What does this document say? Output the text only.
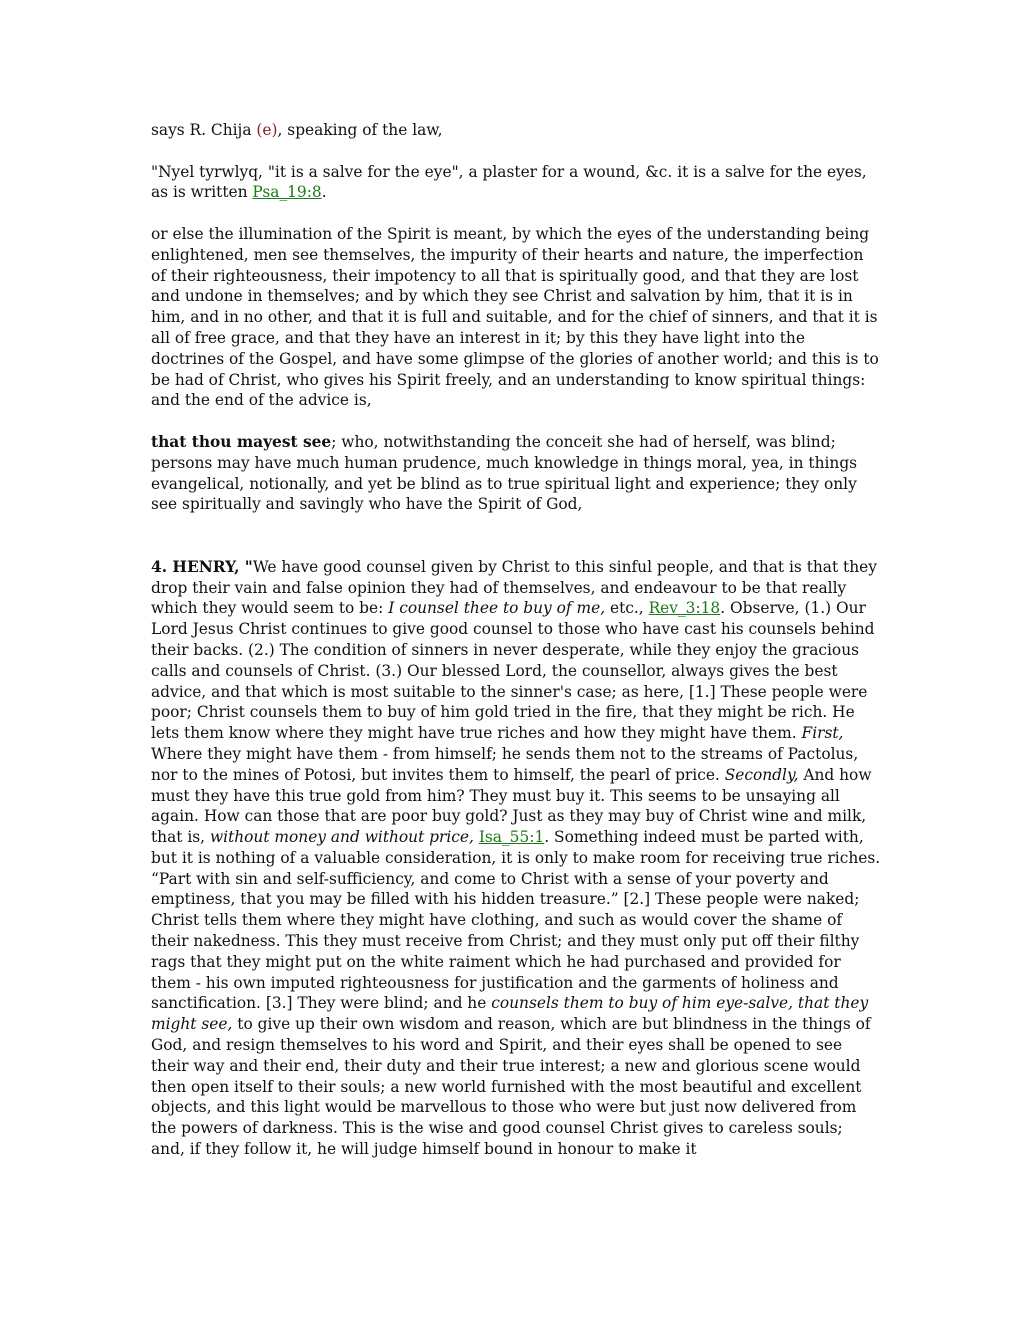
says R. Chija (e), speaking of the law,

"Nyel tyrwlyq, "it is a salve for the eye", a plaster for a wound, &c. it is a salve for the eyes, as is written Psa_19:8.

or else the illumination of the Spirit is meant, by which the eyes of the understanding being enlightened, men see themselves, the impurity of their hearts and nature, the imperfection of their righteousness, their impotency to all that is spiritually good, and that they are lost and undone in themselves; and by which they see Christ and salvation by him, that it is in him, and in no other, and that it is full and suitable, and for the chief of sinners, and that it is all of free grace, and that they have an interest in it; by this they have light into the doctrines of the Gospel, and have some glimpse of the glories of another world; and this is to be had of Christ, who gives his Spirit freely, and an understanding to know spiritual things: and the end of the advice is,

that thou mayest see; who, notwithstanding the conceit she had of herself, was blind; persons may have much human prudence, much knowledge in things moral, yea, in things evangelical, notionally, and yet be blind as to true spiritual light and experience; they only see spiritually and savingly who have the Spirit of God,

4. HENRY, "We have good counsel given by Christ to this sinful people, and that is that they drop their vain and false opinion they had of themselves, and endeavour to be that really which they would seem to be: I counsel thee to buy of me, etc., Rev_3:18. Observe, (1.) Our Lord Jesus Christ continues to give good counsel to those who have cast his counsels behind their backs. (2.) The condition of sinners in never desperate, while they enjoy the gracious calls and counsels of Christ. (3.) Our blessed Lord, the counsellor, always gives the best advice, and that which is most suitable to the sinner's case; as here, [1.] These people were poor; Christ counsels them to buy of him gold tried in the fire, that they might be rich. He lets them know where they might have true riches and how they might have them. First, Where they might have them - from himself; he sends them not to the streams of Pactolus, nor to the mines of Potosi, but invites them to himself, the pearl of price. Secondly, And how must they have this true gold from him? They must buy it. This seems to be unsaying all again. How can those that are poor buy gold? Just as they may buy of Christ wine and milk, that is, without money and without price, Isa_55:1. Something indeed must be parted with, but it is nothing of a valuable consideration, it is only to make room for receiving true riches. “Part with sin and self-sufficiency, and come to Christ with a sense of your poverty and emptiness, that you may be filled with his hidden treasure.” [2.] These people were naked; Christ tells them where they might have clothing, and such as would cover the shame of their nakedness. This they must receive from Christ; and they must only put off their filthy rags that they might put on the white raiment which he had purchased and provided for them - his own imputed righteousness for justification and the garments of holiness and sanctification. [3.] They were blind; and he counsels them to buy of him eye-salve, that they might see, to give up their own wisdom and reason, which are but blindness in the things of God, and resign themselves to his word and Spirit, and their eyes shall be opened to see their way and their end, their duty and their true interest; a new and glorious scene would then open itself to their souls; a new world furnished with the most beautiful and excellent objects, and this light would be marvellous to those who were but just now delivered from the powers of darkness. This is the wise and good counsel Christ gives to careless souls; and, if they follow it, he will judge himself bound in honour to make it
